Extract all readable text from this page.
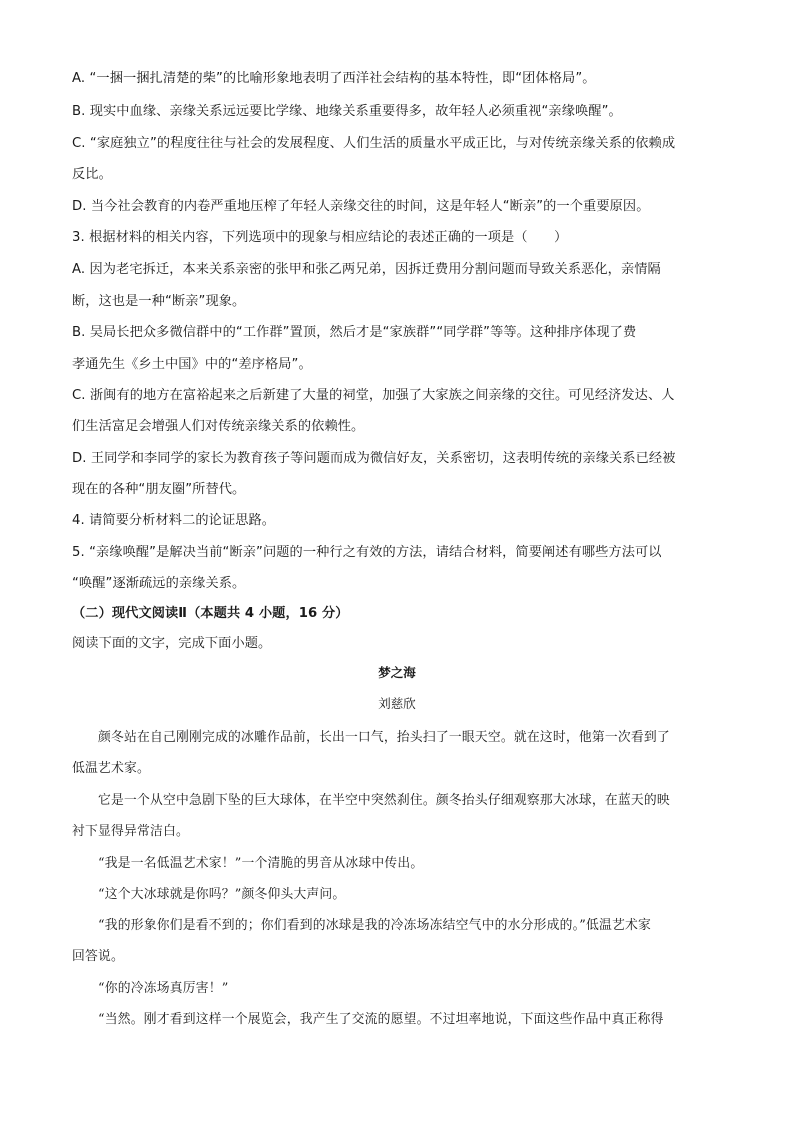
A. “一捆一捆扎清楚的柴”的比喻形象地表明了西洋社会结构的基本特性，即“团体格局”。
B. 现实中血缘、亲缘关系远远要比学缘、地缘关系重要得多，故年轻人必须重视“亲缘唤醒”。
C. “家庭独立”的程度往往与社会的发展程度、人们生活的质量水平成正比，与对传统亲缘关系的依赖成
反比。
D. 当今社会教育的内卷严重地压榨了年轻人亲缘交往的时间，这是年轻人“断亲”的一个重要原因。
3. 根据材料的相关内容，下列选项中的现象与相应结论的表述正确的一项是（　　）
A. 因为老宅拆迁，本来关系亲密的张甲和张乙两兄弟，因拆迁费用分割问题而导致关系恶化，亲情隔
断，这也是一种“断亲”现象。
B. 吴局长把众多微信群中的“工作群”置顶，然后才是“家族群”“同学群”等等。这种排序体现了费
孝通先生《乡土中国》中的“差序格局”。
C. 浙闽有的地方在富裕起来之后新建了大量的祠堂，加强了大家族之间亲缘的交往。可见经济发达、人
们生活富足会增强人们对传统亲缘关系的依赖性。
D. 王同学和李同学的家长为教育孩子等问题而成为微信好友，关系密切，这表明传统的亲缘关系已经被
现在的各种“朋友圈”所替代。
4. 请简要分析材料二的论证思路。
5. “亲缘唤醒”是解决当前“断亲”问题的一种行之有效的方法，请结合材料，简要阐述有哪些方法可以
“唤醒”逐渐疏远的亲缘关系。
（二）现代文阅读Ⅱ（本题共 4 小题，16 分）
阅读下面的文字，完成下面小题。
梦之海
刘慈欣
颜冬站在自己刚刚完成的冰雕作品前，长出一口气，抬头扫了一眼天空。就在这时，他第一次看到了
低温艺术家。
它是一个从空中急剧下坠的巨大球体，在半空中突然刹住。颜冬抬头仔细观察那大冰球，在蓝天的映
衬下显得异常洁白。
“我是一名低温艺术家！”一个清脆的男音从冰球中传出。
“这个大冰球就是你吗？”颜冬仰头大声问。
“我的形象你们是看不到的；你们看到的冰球是我的冷冻场冻结空气中的水分形成的。”低温艺术家
回答说。
“你的冷冻场真厉害！”
“当然。刚才看到这样一个展览会，我产生了交流的愿望。不过坦率地说，下面这些作品中真正称得
